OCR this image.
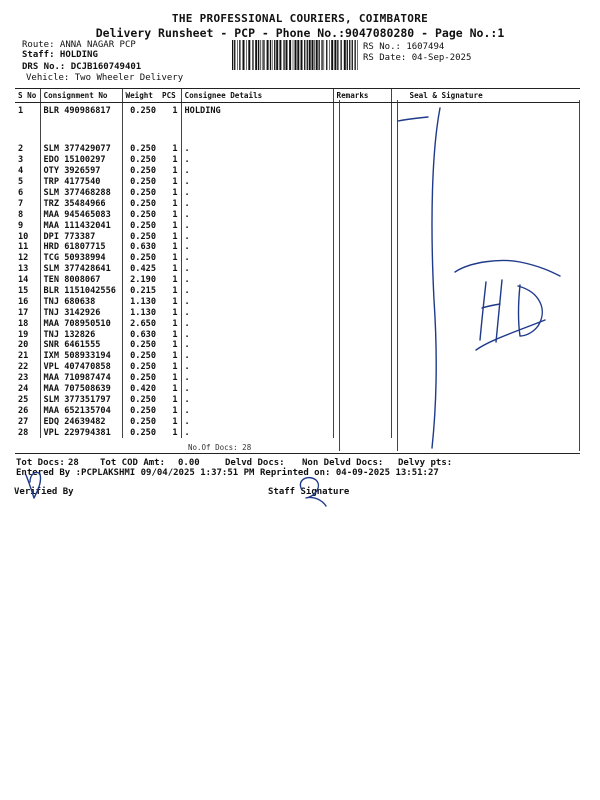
THE PROFESSIONAL COURIERS, COIMBATORE
Delivery Runsheet - PCP - Phone No.:9047080280 - Page No.:1
Route: ANNA NAGAR PCP
Staff: HOLDING
DRS No.: DCJB160749401
Vehicle: Two Wheeler Delivery
RS No.: 1607494
RS Date: 04-Sep-2025
S No	Consignment No	Weight	PCS	Consignee Details	Remarks	Seal & Signature
1	BLR 490986817	0.250	1	HOLDING		
2	SLM 377429077	0.250	1	.		
3	EDO 15100297	0.250	1	.		
4	OTY 3926597	0.250	1	.		
5	TRP 4177540	0.250	1	.		
6	SLM 377468288	0.250	1	.		
7	TRZ 35484966	0.250	1	.		
8	MAA 945465083	0.250	1	.		
9	MAA 111432041	0.250	1	.		
10	DPI 773387	0.250	1	.		
11	HRD 61807715	0.630	1	.		
12	TCG 50938994	0.250	1	.		
13	SLM 377428641	0.425	1	.		
14	TEN 8008067	2.190	1	.		
15	BLR 1151042556	0.215	1	.		
16	TNJ 680638	1.130	1	.		
17	TNJ 3142926	1.130	1	.		
18	MAA 708950510	2.650	1	.		
19	TNJ 132826	0.630	1	.		
20	SNR 6461555	0.250	1	.		
21	IXM 508933194	0.250	1	.		
22	VPL 407470858	0.250	1	.		
23	MAA 710987474	0.250	1	.		
24	MAA 707508639	0.420	1	.		
25	SLM 377351797	0.250	1	.		
26	MAA 652135704	0.250	1	.		
27	EDQ 24639482	0.250	1	.		
28	VPL 229794381	0.250	1	.		
No.Of Docs: 28
Tot Docs: 28 Tot COD Amt: 0.00	Delvd Docs: Non Delvd Docs: Delvy pts:
Entered By :PCPLAKSHMI 09/04/2025 1:37:51 PM Reprinted on: 04-09-2025 13:51:27
Verified By	Staff Signature
